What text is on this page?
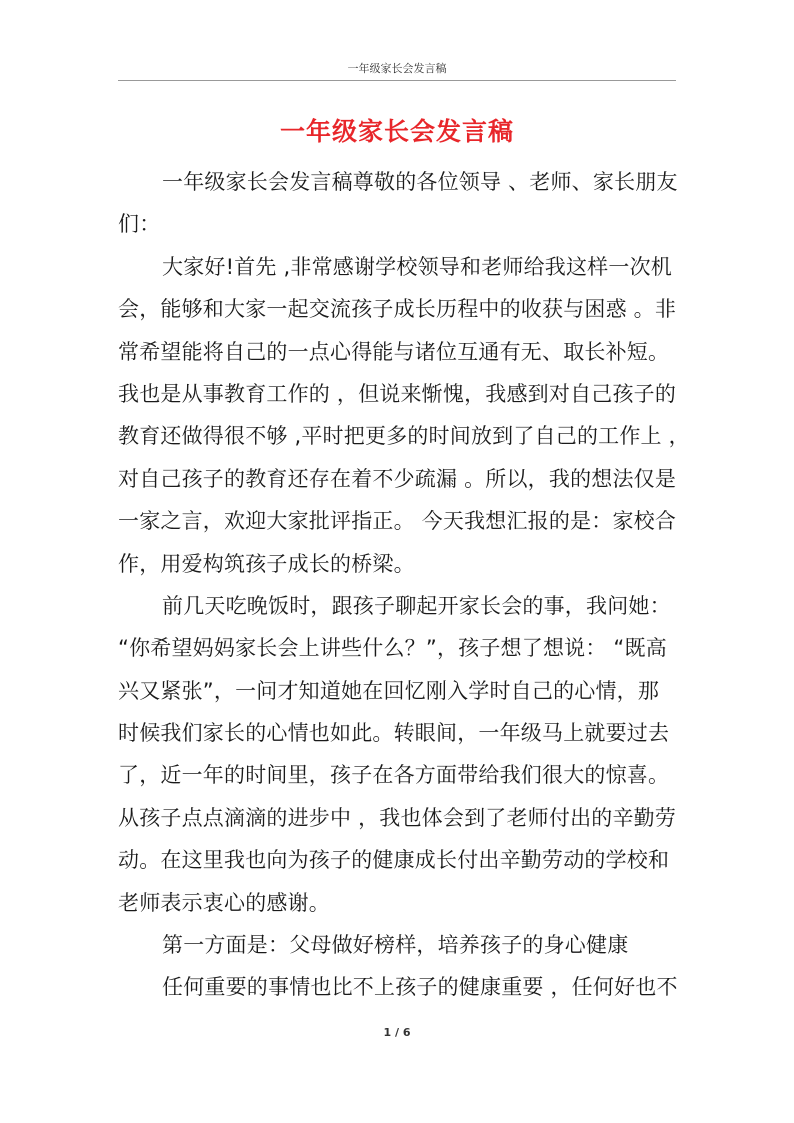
一年级家长会发言稿
一年级家长会发言稿
一年级家长会发言稿尊敬的各位领导 、老师、家长朋友
们：
大家好!首先 ,非常感谢学校领导和老师给我这样一次机
会，能够和大家一起交流孩子成长历程中的收获与困惑 。非
常希望能将自己的一点心得能与诸位互通有无、取长补短。
我也是从事教育工作的 ，但说来惭愧，我感到对自己孩子的
教育还做得很不够 ,平时把更多的时间放到了自己的工作上 ，
对自己孩子的教育还存在着不少疏漏 。所以，我的想法仅是
一家之言，欢迎大家批评指正。 今天我想汇报的是：家校合
作，用爱构筑孩子成长的桥梁。
前几天吃晚饭时，跟孩子聊起开家长会的事，我问她：
“你希望妈妈家长会上讲些什么？”，孩子想了想说： “既高
兴又紧张”，一问才知道她在回忆刚入学时自己的心情，那
时候我们家长的心情也如此。转眼间，一年级马上就要过去
了，近一年的时间里，孩子在各方面带给我们很大的惊喜。
从孩子点点滴滴的进步中 ，我也体会到了老师付出的辛勤劳
动。在这里我也向为孩子的健康成长付出辛勤劳动的学校和
老师表示衷心的感谢。
第一方面是：父母做好榜样，培养孩子的身心健康
任何重要的事情也比不上孩子的健康重要 ，任何好也不
1 / 6
